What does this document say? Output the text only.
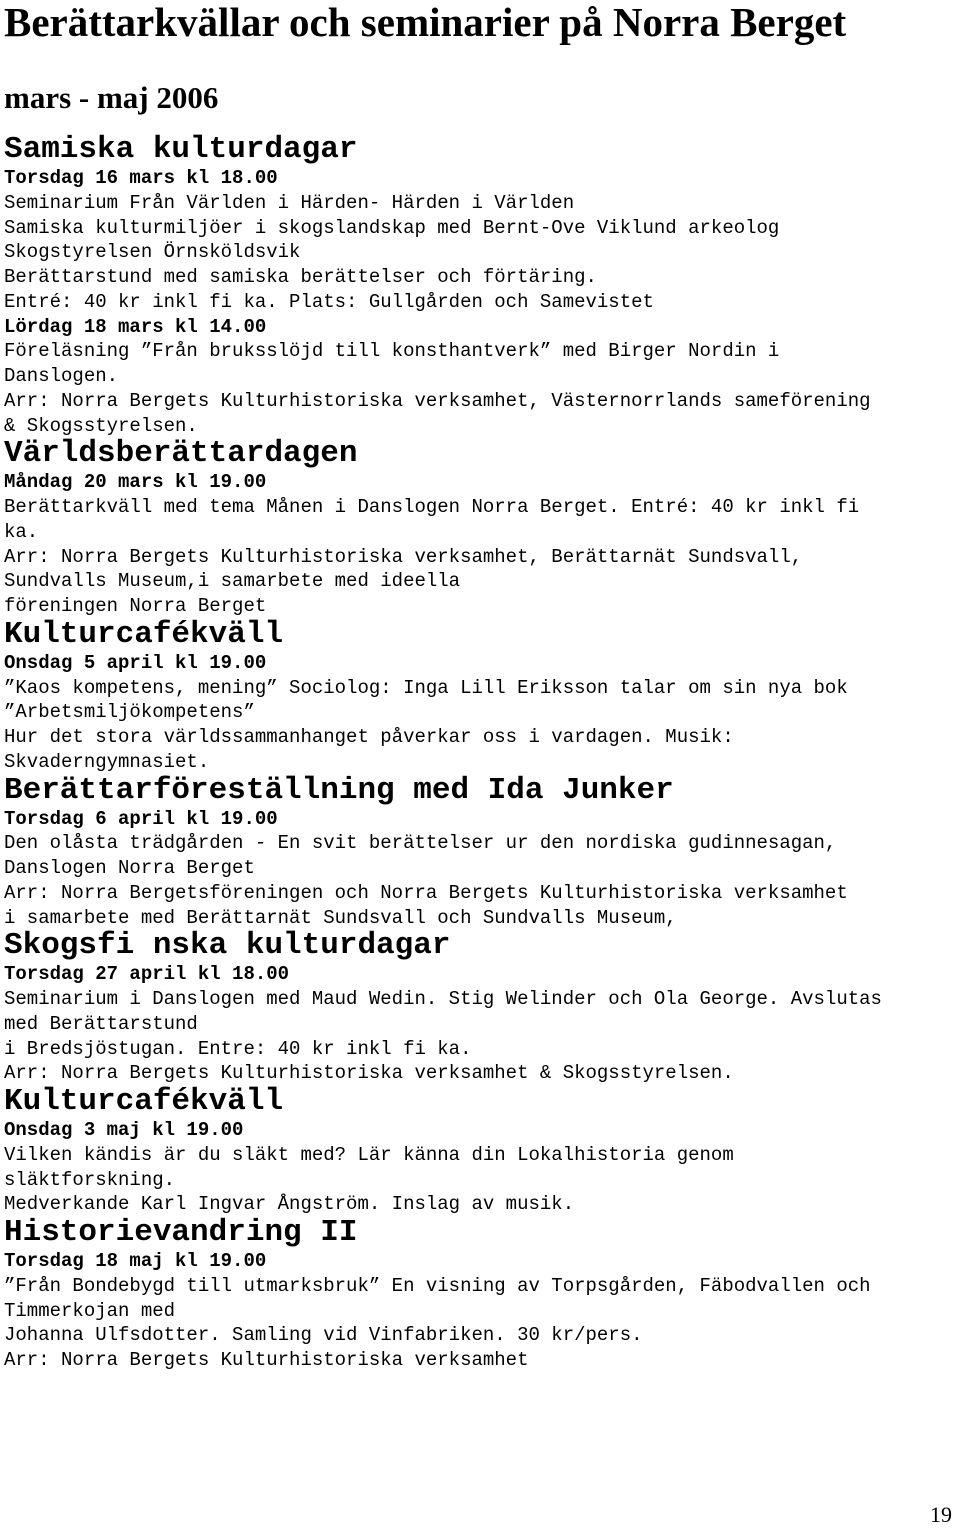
Berättarkvällar och seminarier på Norra Berget
mars - maj 2006
Samiska kulturdagar
Torsdag 16 mars kl 18.00
Seminarium Från Världen i Härden- Härden i Världen
Samiska kulturmiljöer i skogslandskap med Bernt-Ove Viklund arkeolog
Skogstyrelsen Örnsköldsvik
Berättarstund med samiska berättelser och förtäring.
Entré: 40 kr inkl fi ka. Plats: Gullgården och Samevistet
Lördag 18 mars kl 14.00
Föreläsning ”Från bruksslöjd till konsthantverk” med Birger Nordin i
Danslogen.
Arr: Norra Bergets Kulturhistoriska verksamhet, Västernorrlands sameförening
& Skogsstyrelsen.
Världsberättardagen
Måndag 20 mars kl 19.00
Berättarkväll med tema Månen i Danslogen Norra Berget. Entré: 40 kr inkl fi
ka.
Arr: Norra Bergets Kulturhistoriska verksamhet, Berättarnät Sundsvall,
Sundvalls Museum,i samarbete med ideella
föreningen Norra Berget
Kulturcafékväll
Onsdag 5 april kl 19.00
”Kaos kompetens, mening” Sociolog: Inga Lill Eriksson talar om sin nya bok
”Arbetsmiljökompetens”
Hur det stora världssammanhanget påverkar oss i vardagen. Musik:
Skvaderngymnasiet.
Berättarföreställning med Ida Junker
Torsdag 6 april kl 19.00
Den olåsta trädgården - En svit berättelser ur den nordiska gudinnesagan,
Danslogen Norra Berget
Arr: Norra Bergetsföreningen och Norra Bergets Kulturhistoriska verksamhet
i samarbete med Berättarnät Sundsvall och Sundvalls Museum,
Skogsfi nska kulturdagar
Torsdag 27 april kl 18.00
Seminarium i Danslogen med Maud Wedin. Stig Welinder och Ola George. Avslutas
med Berättarstund
i Bredsjöstugan. Entre: 40 kr inkl fi ka.
Arr: Norra Bergets Kulturhistoriska verksamhet & Skogsstyrelsen.
Kulturcafékväll
Onsdag 3 maj kl 19.00
Vilken kändis är du släkt med? Lär känna din Lokalhistoria genom
släktforskning.
Medverkande Karl Ingvar Ångström. Inslag av musik.
Historievandring II
Torsdag 18 maj kl 19.00
”Från Bondebygd till utmarksbruk” En visning av Torpsgården, Fäbodvallen och
Timmerkojan med
Johanna Ulfsdotter. Samling vid Vinfabriken. 30 kr/pers.
Arr: Norra Bergets Kulturhistoriska verksamhet
19
